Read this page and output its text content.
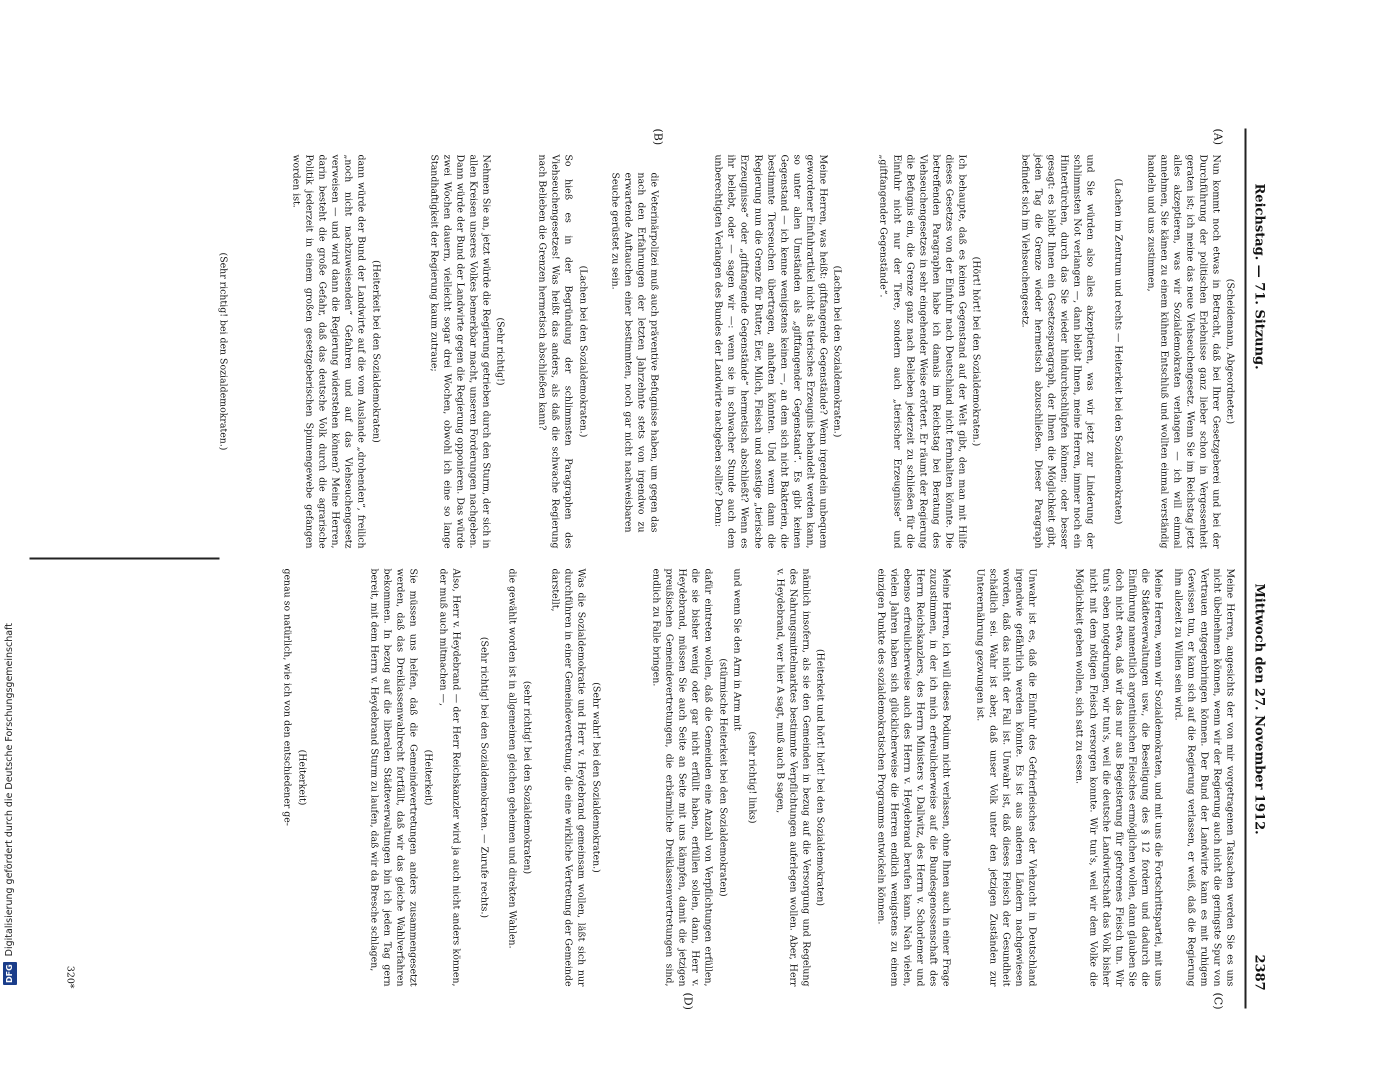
Reichstag. — 71. Sitzung.

Mittwoch den 27. November 1912.

2387

(A)

(B)

(C)

(D)

(Scheidemann, Abgeordneter.)

Nun kommt noch etwas in Betracht, daß bei Ihrer Gesetzgeberei und bei der Durchführung der politischen Erlebnisse ganz lieber schon in Vergessenheit geraten ist; ich meine das neue Viehseuchengesetz. Wenn Sie im Reichstag jetzt alles akzeptieren, was wir Sozialdemokraten verlangen — ich will einmal annehmen, Sie kämen zu einem kühnen Entschluß und wollten einmal verständig handeln und uns zustimmen,

(Lachen im Zentrum und rechts — Heiterkeit bei den Sozialdemokraten)

und Sie würden also alles akzeptieren, was wir jetzt zur Linderung der schlimmsten Not verlangen —, dann bleibt Ihnen, meine Herren, immer noch ein Hintertürchen, durch das Sie wieder hindurchschlüpfen können; oder besser gesagt: es bleibt Ihnen ein Gesetzesparagraph, der Ihnen die Möglichkeit gibt, jeden Tag die Grenze wieder hermetisch abzuschließen. Dieser Paragraph befindet sich im Viehseuchengesetz.

(Hört! hört! bei den Sozialdemokraten.)

Ich behaupte, daß es keinen Gegenstand auf der Welt gibt, den man mit Hilfe dieses Gesetzes von der Einfuhr nach Deutschland nicht fernhalten könnte. Die betreffenden Paragraphen habe ich damals im Reichstag bei Beratung des Viehseuchengesetzes in sehr eingehender Weise erörtert. Er räumt der Regierung die Befugnis ein, die Grenze ganz nach Belieben jederzeit zu schließen für die Einfuhr nicht nur der Tiere, sondern auch „tierischer Erzeugnisse“ und „giftfangender Gegenstände“.

(Lachen bei den Sozialdemokraten.)

Meine Herren, was heißt: giftfangende Gegenstände? Wenn irgendein unbequem gewordener Einfuhrartikel nicht als tierisches Erzeugnis behandelt werden kann, so unter allen Umständen als „giftfangender Gegenstand“. Es gibt keinen Gegenstand — ich kenne wenigstens keinen —, an dem sich nicht Bakterien, die bestimmte Tierseuchen übertragen, anhaften könnten. Und wenn dann die Regierung nun die Grenze für Butter, Eier, Milch, Fleisch und sonstige „tierische Erzeugnisse“ oder „giftfangende Gegenstände“ hermetisch abschließt? Wenn es ihr beliebt, oder — sagen wir —: wenn sie in schwacher Stunde auch dem unberechtigten Verlangen des Bundes der Landwirte nachgeben sollte? Denn:

die Veterinärpolizei muß auch präventive Befugnisse haben, um gegen das nach den Erfahrungen der letzten Jahrzehnte stets von irgendwo zu erwartende Auftauchen einer bestimmten, noch gar nicht nachweisbaren Seuche gerüstet zu sein.

(Lachen bei den Sozialdemokraten.)

So hieß es in der Begründung der schlimmsten Paragraphen des Viehseuchengesetzes! Was heißt das anders, als daß die schwache Regierung nach Belieben die Grenzen hermetisch abschließen kann?

(Sehr richtig!)

Nehmen Sie an, jetzt würde die Regierung getrieben durch den Sturm, der sich in allen Kreisen unseres Volkes bemerkbar macht, unseren Forderungen nachgeben. Dann würde der Bund der Landwirte gegen die Regierung opponieren. Das würde zwei Wochen dauern, vielleicht sogar drei Wochen, obwohl ich eine so lange Standhaftigkeit der Regierung kaum zutraue;

(Heiterkeit bei den Sozialdemokraten)

dann würde der Bund der Landwirte auf die vom Auslande „drohenden“, freilich „noch nicht nachzuweisenden“ Gefahren und auf das Viehseuchengesetz verweisen — und wird dann die Regierung widerstehen können? Meine Herren, darin besteht die große Gefahr, daß das deutsche Volk durch die agrarische Politik jederzeit in einem großen gesetzgeberischen Spinnengewebe gefangen worden ist.

(Sehr richtig! bei den Sozialdemokraten.)

Meine Herren, angesichts der von mir vorgetragenen Tatsachen werden Sie es uns nicht übelnehmen können, wenn wir der Regierung auch nicht die geringste Spur von Vertrauen entgegenbringen können. Der Bund der Landwirte kann es mit ruhigem Gewissen tun, er kann sich auf die Regierung verlassen, er weiß, daß die Regierung ihm allezeit zu Willen sein wird.

Meine Herren, wenn wir Sozialdemokraten, und mit uns die Fortschrittspartei, mit uns die Städteverwaltungen usw., die Beseitigung des § 12 fordern und dadurch die Einführung namentlich argentinischen Fleisches ermöglichen wollen, dann glauben Sie doch nicht etwa, daß wir das nur aus Begeisterung für gefrorenes Fleisch tun. Wir tun's eben notgedrungen, wir tun's, weil die deutsche Landwirtschaft das Volk bisher nicht mit dem nötigen Fleisch versorgen konnte. Wir tun's, weil wir dem Volke die Möglichkeit geben wollen, sich satt zu essen.

Unwahr ist es, daß die Einfuhr des Gefrierfleisches der Viehzucht in Deutschland irgendwie gefährlich werden könnte. Es ist aus anderen Ländern nachgewiesen worden, daß das nicht der Fall ist. Unwahr ist, daß dieses Fleisch der Gesundheit schädlich sei. Wahr ist aber, daß unser Volk unter den jetzigen Zuständen zur Unterernährung gezwungen ist.

Meine Herren, ich will dieses Podium nicht verlassen, ohne Ihnen auch in einer Frage zuzustimmen, in der ich mich erfreulicherweise auf die Bundesgenossenschaft des Herrn Reichskanzlers, des Herrn Ministers v. Dallwitz, des Herrn v. Schorlemer und ebenso erfreulicherweise auch des Herrn v. Heydebrand berufen kann. Nach vielen, vielen Jahren haben sich glücklicherweise die Herren endlich wenigstens zu einem einzigen Punkte des sozialdemokratischen Programms entwickeln können.

(Heiterkeit und hört! hört! bei den Sozialdemokraten)

nämlich insofern, als sie den Gemeinden in bezug auf die Versorgung und Regelung des Nahrungsmittelmarktes bestimmte Verpflichtungen auferlegen wollen. Aber, Herr v. Heydebrand, wer hier A sagt, muß auch B sagen,

(sehr richtig! links)

und wenn Sie den Arm in Arm mit

(stürmische Heiterkeit bei den Sozialdemokraten)

dafür eintreten wollen, daß die Gemeinden eine Anzahl von Verpflichtungen erfüllen, die sie bisher wenig oder gar nicht erfüllt haben, erfüllen sollen, dann, Herr v. Heydebrand, müssen Sie auch Seite an Seite mit uns kämpfen, damit die jetzigen preußischen Gemeindevertretungen, die erbärmliche Dreiklassenvertretungen sind, endlich zu Falle bringen.

(Sehr wahr! bei den Sozialdemokraten.)

Was die Sozialdemokratie und Herr v. Heydebrand gemeinsam wollen, läßt sich nur durchführen in einer Gemeindevertretung, die eine wirkliche Vertretung der Gemeinde darstellt,

(sehr richtig! bei den Sozialdemokraten)

die gewählt worden ist in allgemeinen gleichen geheimen und direkten Wahlen.

(Sehr richtig! bei den Sozialdemokraten. — Zurufe rechts.)

Also, Herr v. Heydebrand — der Herr Reichskanzler wird ja auch nicht anders können, der muß auch mitmachen —,

(Heiterkeit)

Sie müssen uns helfen, daß die Gemeindevertretungen anders zusammengesetzt werden, daß das Dreiklassenwahlrecht fortfällt, daß wir das gleiche Wahlverfahren bekommen. In bezug auf die liberalen Städteverwaltungen bin ich jeden Tag gern bereit, mit dem Herrn v. Heydebrand Sturm zu laufen, daß wir da Bresche schlagen,

(Heiterkeit)

genau so natürlich, wie ich von den entschiedener ge-

320*

DFGDigitalisierung gefördert durch die Deutsche Forschungsgemeinschaft
